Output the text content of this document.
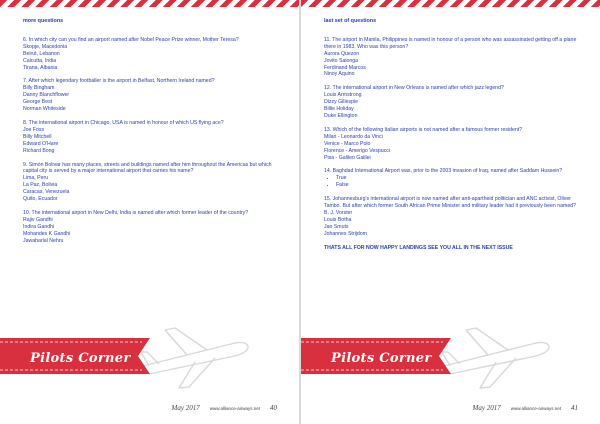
more questions

6. In which city can you find an airport named after Nobel Peace Prize winner, Mother Teresa?

Skopje, Macedonia

Beirut, Lebanon

Calcutta, India

Tirana, Albania

7. After which legendary footballer is the airport in Belfast, Northern Ireland named?

Billy Bingham

Danny Blanchflower

George Best

Norman Whiteside

8. The international airport in Chicago, USA is named in honour of which US flying ace?

Joe Foss

Billy Mitchell

Edward O'Hare

Richard Bong

9. Simón Bolivar has many places, streets and buildings named after him throughout the Americas but which capital city is served by a major international airport that carries his name?

Lima, Peru

La Paz, Bolivia

Caracas, Venezuela

Quito, Ecuador

10. The international airport in New Delhi, India is named after which former leader of the country?

Rajiv Gandhi

Indira Gandhi

Mohandes K Gandhi

Jawaharlal Nehru

Pilots Corner
May 2017 www.alliance-airways.net 40
last set of questions

11. The airport in Manila, Philippines is named in honour of a person who was assassinated getting off a plane there in 1983. Who was this person?

Aurora Quezon

Jovito Salonga

Ferdinand Marcos

Ninoy Aquino

12. The international airport in New Orleans is named after which jazz legend?

Louis Armstrong

Dizzy Gillespie

Billie Holiday

Duke Ellington

13. Which of the following Italian airports is not named after a famous former resident?

Milan - Leonardo da Vinci

Venice - Marco Polo

Florence - Amerigo Vespucci

Pisa - Galileo Galilei

14. Baghdad International Airport was, prior to the 2003 invasion of Iraq, named after Saddam Hussein?

• True
• False

15. Johannesburg's international airport is now named after anti-apartheid politician and ANC activist, Oliver Tambo. But after which former South African Prime Minister and military leader had it previously been named?

B. J. Vorster

Louis Botha

Jan Smuts

Johannes Strijdom

THATS ALL FOR NOW HAPPY LANDINGS SEE YOU ALL IN THE NEXT ISSUE
Pilots Corner
May 2017 www.alliance-airways.net 41
